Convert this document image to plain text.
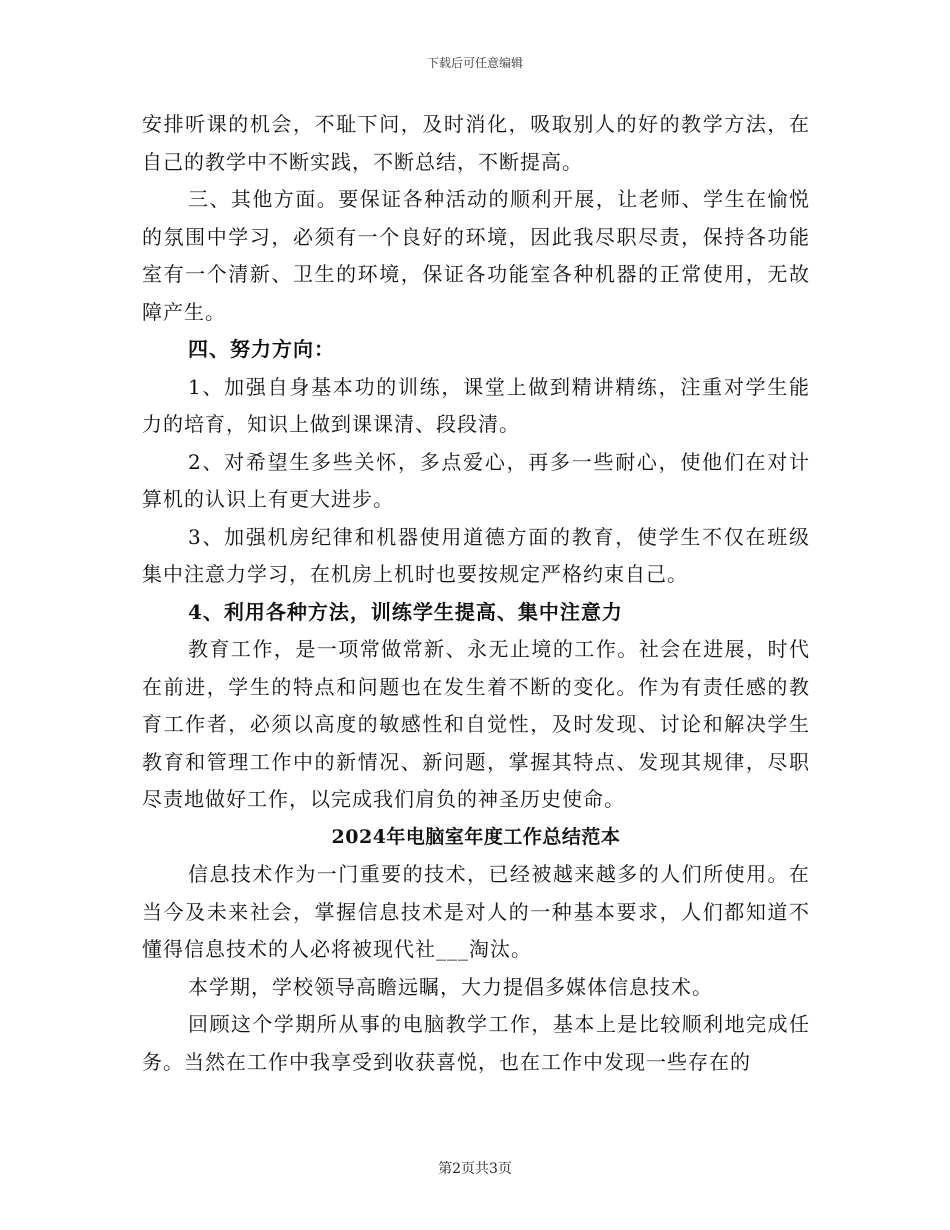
下载后可任意编辑

安排听课的机会，不耻下问，及时消化，吸取别人的好的教学方法，在自己的教学中不断实践，不断总结，不断提高。

三、其他方面。要保证各种活动的顺利开展，让老师、学生在愉悦的氛围中学习，必须有一个良好的环境，因此我尽职尽责，保持各功能室有一个清新、卫生的环境，保证各功能室各种机器的正常使用，无故障产生。

四、努力方向：

1、加强自身基本功的训练，课堂上做到精讲精练，注重对学生能力的培育，知识上做到课课清、段段清。

2、对希望生多些关怀，多点爱心，再多一些耐心，使他们在对计算机的认识上有更大进步。

3、加强机房纪律和机器使用道德方面的教育，使学生不仅在班级集中注意力学习，在机房上机时也要按规定严格约束自己。

4、利用各种方法，训练学生提高、集中注意力

教育工作，是一项常做常新、永无止境的工作。社会在进展，时代在前进，学生的特点和问题也在发生着不断的变化。作为有责任感的教育工作者，必须以高度的敏感性和自觉性，及时发现、讨论和解决学生教育和管理工作中的新情况、新问题，掌握其特点、发现其规律，尽职尽责地做好工作，以完成我们肩负的神圣历史使命。

2024年电脑室年度工作总结范本

信息技术作为一门重要的技术，已经被越来越多的人们所使用。在当今及未来社会，掌握信息技术是对人的一种基本要求，人们都知道不懂得信息技术的人必将被现代社___淘汰。

本学期，学校领导高瞻远瞩，大力提倡多媒体信息技术。

回顾这个学期所从事的电脑教学工作，基本上是比较顺利地完成任务。当然在工作中我享受到收获喜悦，也在工作中发现一些存在的

第2页共3页
